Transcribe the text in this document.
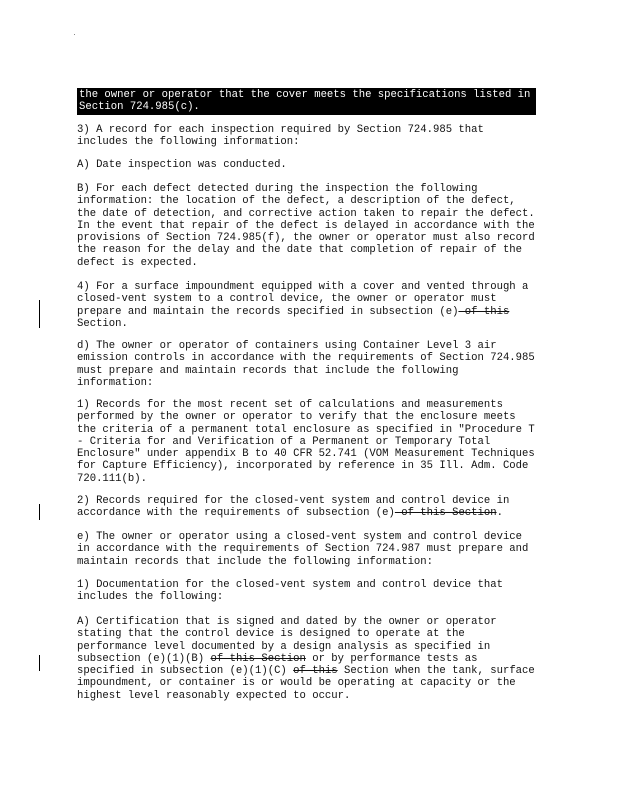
the owner or operator that the cover meets the specifications listed in Section 724.985(c).

3) A record for each inspection required by Section 724.985 that includes the following information:

A) Date inspection was conducted.

B) For each defect detected during the inspection the following information: the location of the defect, a description of the defect, the date of detection, and corrective action taken to repair the defect. In the event that repair of the defect is delayed in accordance with the provisions of Section 724.985(f), the owner or operator must also record the reason for the delay and the date that completion of repair of the defect is expected.

4) For a surface impoundment equipped with a cover and vented through a closed-vent system to a control device, the owner or operator must prepare and maintain the records specified in subsection (e) of this Section.

d) The owner or operator of containers using Container Level 3 air emission controls in accordance with the requirements of Section 724.985 must prepare and maintain records that include the following information:

1) Records for the most recent set of calculations and measurements performed by the owner or operator to verify that the enclosure meets the criteria of a permanent total enclosure as specified in "Procedure T - Criteria for and Verification of a Permanent or Temporary Total Enclosure" under appendix B to 40 CFR 52.741 (VOM Measurement Techniques for Capture Efficiency), incorporated by reference in 35 Ill. Adm. Code 720.111(b).

2) Records required for the closed-vent system and control device in accordance with the requirements of subsection (e) of this Section.

e) The owner or operator using a closed-vent system and control device in accordance with the requirements of Section 724.987 must prepare and maintain records that include the following information:

1) Documentation for the closed-vent system and control device that includes the following:

A) Certification that is signed and dated by the owner or operator stating that the control device is designed to operate at the performance level documented by a design analysis as specified in subsection (e)(1)(B) of this Section or by performance tests as specified in subsection (e)(1)(C) of this Section when the tank, surface impoundment, or container is or would be operating at capacity or the highest level reasonably expected to occur.
